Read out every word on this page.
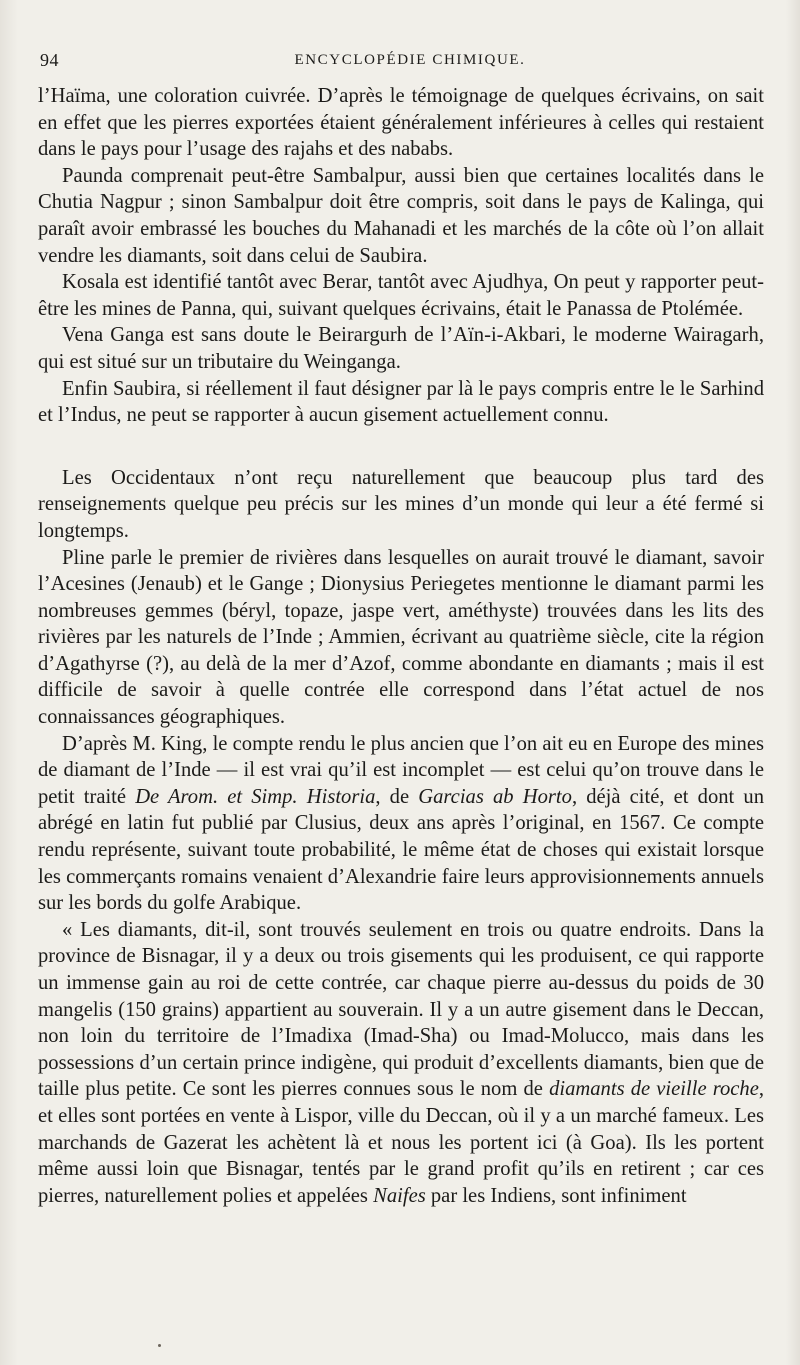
94	ENCYCLOPÉDIE CHIMIQUE.

l’Haïma, une coloration cuivrée. D’après le témoignage de quelques écrivains, on sait en effet que les pierres exportées étaient généralement inférieures à celles qui restaient dans le pays pour l’usage des rajahs et des nababs.

Paunda comprenait peut-être Sambalpur, aussi bien que certaines localités dans le Chutia Nagpur ; sinon Sambalpur doit être compris, soit dans le pays de Kalinga, qui paraît avoir embrassé les bouches du Mahanadi et les marchés de la côte où l’on allait vendre les diamants, soit dans celui de Saubira.

Kosala est identifié tantôt avec Berar, tantôt avec Ajudhya, On peut y rapporter peut-être les mines de Panna, qui, suivant quelques écrivains, était le Panassa de Ptolémée.

Vena Ganga est sans doute le Beirargurh de l’Aïn-i-Akbari, le moderne Wairagarh, qui est situé sur un tributaire du Weinganga.

Enfin Saubira, si réellement il faut désigner par là le pays compris entre le le Sarhind et l’Indus, ne peut se rapporter à aucun gisement actuellement connu.

Les Occidentaux n’ont reçu naturellement que beaucoup plus tard des renseignements quelque peu précis sur les mines d’un monde qui leur a été fermé si longtemps.

Pline parle le premier de rivières dans lesquelles on aurait trouvé le diamant, savoir l’Acesines (Jenaub) et le Gange ; Dionysius Periegetes mentionne le diamant parmi les nombreuses gemmes (béryl, topaze, jaspe vert, améthyste) trouvées dans les lits des rivières par les naturels de l’Inde ; Ammien, écrivant au quatrième siècle, cite la région d’Agathyrse (?), au delà de la mer d’Azof, comme abondante en diamants ; mais il est difficile de savoir à quelle contrée elle correspond dans l’état actuel de nos connaissances géographiques.

D’après M. King, le compte rendu le plus ancien que l’on ait eu en Europe des mines de diamant de l’Inde — il est vrai qu’il est incomplet — est celui qu’on trouve dans le petit traité De Arom. et Simp. Historia, de Garcias ab Horto, déjà cité, et dont un abrégé en latin fut publié par Clusius, deux ans après l’original, en 1567. Ce compte rendu représente, suivant toute probabilité, le même état de choses qui existait lorsque les commerçants romains venaient d’Alexandrie faire leurs approvisionnements annuels sur les bords du golfe Arabique.

« Les diamants, dit-il, sont trouvés seulement en trois ou quatre endroits. Dans la province de Bisnagar, il y a deux ou trois gisements qui les produisent, ce qui rapporte un immense gain au roi de cette contrée, car chaque pierre au-dessus du poids de 30 mangelis (150 grains) appartient au souverain. Il y a un autre gisement dans le Deccan, non loin du territoire de l’Imadixa (Imad-Sha) ou Imad-Molucco, mais dans les possessions d’un certain prince indigène, qui produit d’excellents diamants, bien que de taille plus petite. Ce sont les pierres connues sous le nom de diamants de vieille roche, et elles sont portées en vente à Lispor, ville du Deccan, où il y a un marché fameux. Les marchands de Gazerat les achètent là et nous les portent ici (à Goa). Ils les portent même aussi loin que Bisnagar, tentés par le grand profit qu’ils en retirent ; car ces pierres, naturellement polies et appelées Naifes par les Indiens, sont infiniment
